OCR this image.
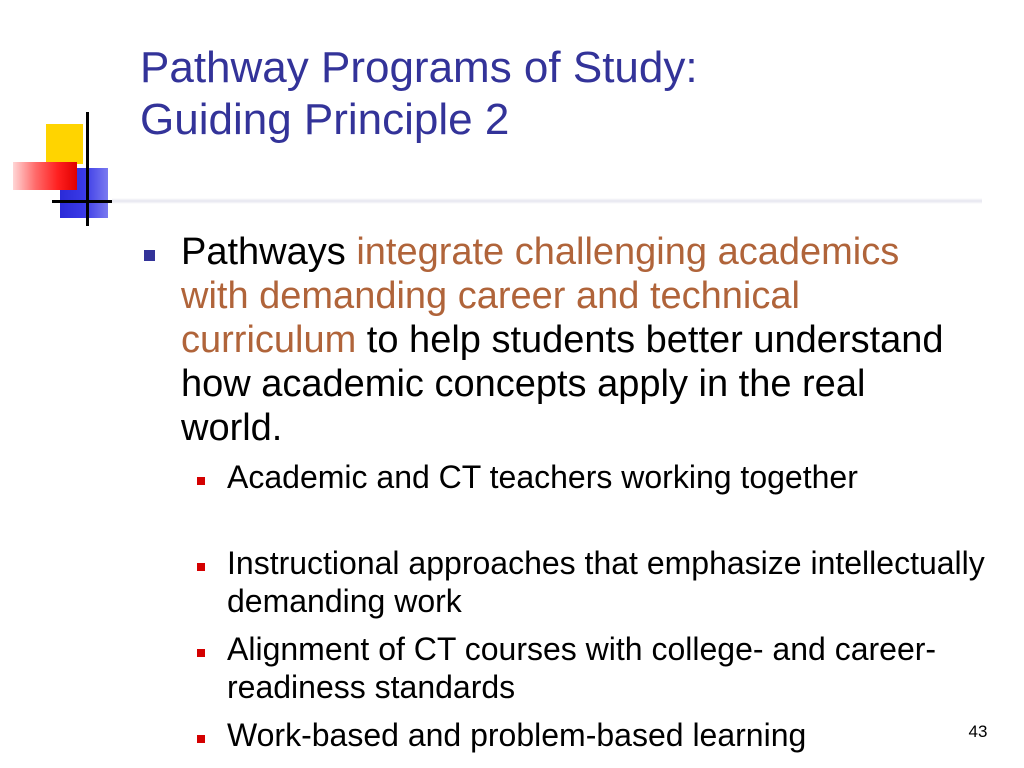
Pathway Programs of Study:
Guiding Principle 2

Pathways integrate challenging academics with demanding career and technical curriculum to help students better understand how academic concepts apply in the real world.

Academic and CT teachers working together

Instructional approaches that emphasize intellectually demanding work

Alignment of CT courses with college- and career-readiness standards

Work-based and problem-based learning	43
